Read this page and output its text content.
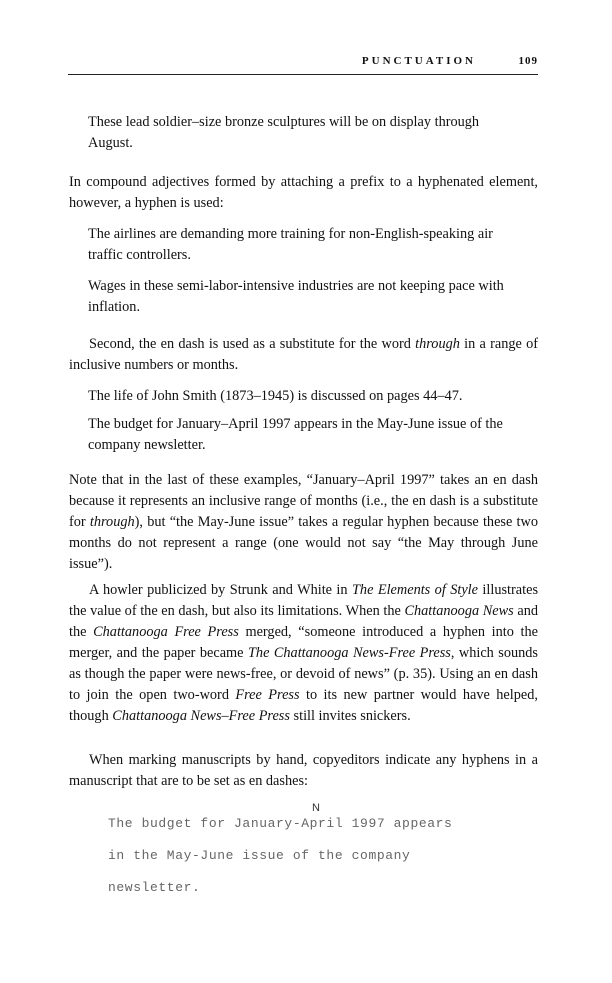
PUNCTUATION	109

These lead soldier–size bronze sculptures will be on display through August.

In compound adjectives formed by attaching a prefix to a hyphenated element, however, a hyphen is used:

The airlines are demanding more training for non-English-speaking air traffic controllers.

Wages in these semi-labor-intensive industries are not keeping pace with inflation.

Second, the en dash is used as a substitute for the word through in a range of inclusive numbers or months.

The life of John Smith (1873–1945) is discussed on pages 44–47.

The budget for January–April 1997 appears in the May-June issue of the company newsletter.

Note that in the last of these examples, “January–April 1997” takes an en dash because it represents an inclusive range of months (i.e., the en dash is a substitute for through), but “the May-June issue” takes a regular hyphen because these two months do not represent a range (one would not say “the May through June issue”).

A howler publicized by Strunk and White in The Elements of Style illustrates the value of the en dash, but also its limitations. When the Chattanooga News and the Chattanooga Free Press merged, “someone introduced a hyphen into the merger, and the paper became The Chattanooga News-Free Press, which sounds as though the paper were news-free, or devoid of news” (p. 35). Using an en dash to join the open two-word Free Press to its new partner would have helped, though Chattanooga News–Free Press still invites snickers.

When marking manuscripts by hand, copyeditors indicate any hyphens in a manuscript that are to be set as en dashes:

N

The budget for January-April 1997 appears

in the May-June issue of the company

newsletter.
